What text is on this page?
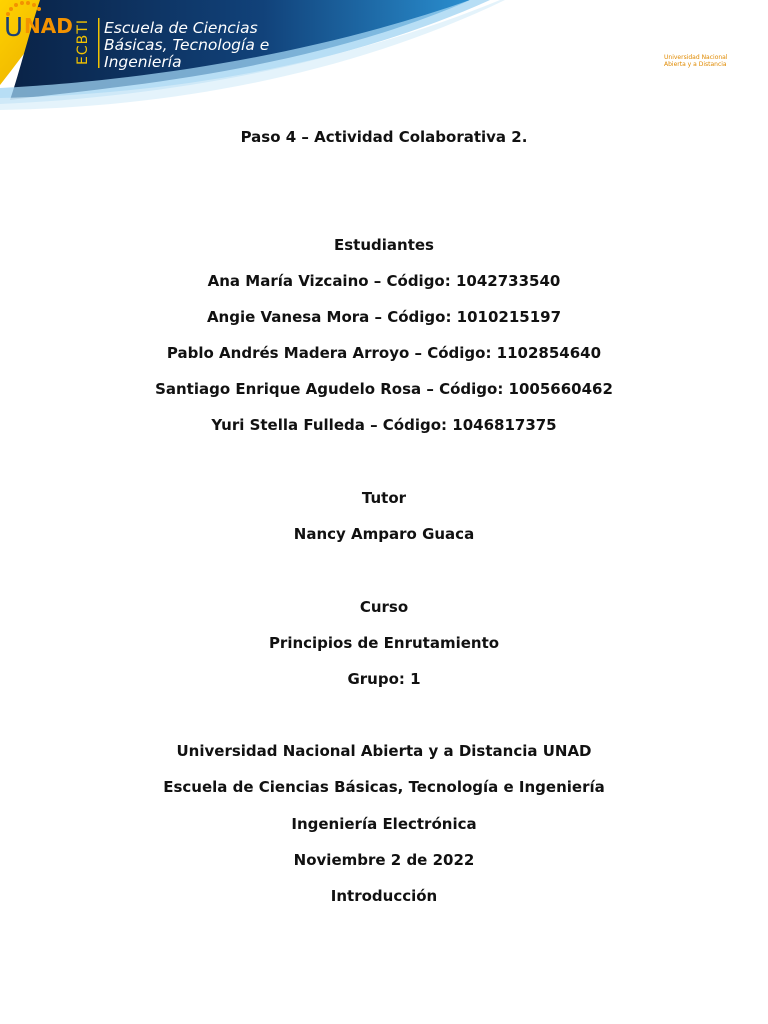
ECBTI Escuela de Ciencias
Básicas, Tecnología e
Ingeniería
U NAD
Universidad Nacional
Abierta y a Distancia
Paso 4 – Actividad Colaborativa 2.
Estudiantes
Ana María Vizcaino – Código: 1042733540
Angie Vanesa Mora – Código: 1010215197
Pablo Andrés Madera Arroyo – Código: 1102854640
Santiago Enrique Agudelo Rosa – Código: 1005660462
Yuri Stella Fulleda – Código: 1046817375
Tutor
Nancy Amparo Guaca
Curso
Principios de Enrutamiento
Grupo: 1
Universidad Nacional Abierta y a Distancia UNAD
Escuela de Ciencias Básicas, Tecnología e Ingeniería
Ingeniería Electrónica
Noviembre 2 de 2022
Introducción
